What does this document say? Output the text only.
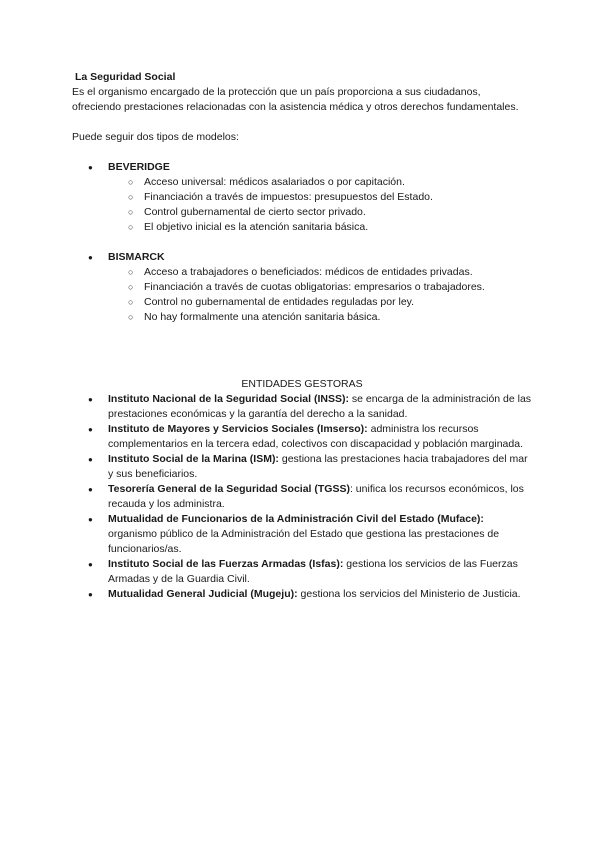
La Seguridad Social

Es el organismo encargado de la protección que un país proporciona a sus ciudadanos, ofreciendo prestaciones relacionadas con la asistencia médica y otros derechos fundamentales.

Puede seguir dos tipos de modelos:

● BEVERIDGE
○ Acceso universal: médicos asalariados o por capitación.
○ Financiación a través de impuestos: presupuestos del Estado.
○ Control gubernamental de cierto sector privado.
○ El objetivo inicial es la atención sanitaria básica.
● BISMARCK
○ Acceso a trabajadores o beneficiados: médicos de entidades privadas.
○ Financiación a través de cuotas obligatorias: empresarios o trabajadores.
○ Control no gubernamental de entidades reguladas por ley.
○ No hay formalmente una atención sanitaria básica.

ENTIDADES GESTORAS

● Instituto Nacional de la Seguridad Social (INSS): se encarga de la administración de las prestaciones económicas y la garantía del derecho a la sanidad.
● Instituto de Mayores y Servicios Sociales (Imserso): administra los recursos complementarios en la tercera edad, colectivos con discapacidad y población marginada.
● Instituto Social de la Marina (ISM): gestiona las prestaciones hacia trabajadores del mar y sus beneficiarios.
● Tesorería General de la Seguridad Social (TGSS): unifica los recursos económicos, los recauda y los administra.
● Mutualidad de Funcionarios de la Administración Civil del Estado (Muface): organismo público de la Administración del Estado que gestiona las prestaciones de funcionarios/as.
● Instituto Social de las Fuerzas Armadas (Isfas): gestiona los servicios de las Fuerzas Armadas y de la Guardia Civil.
● Mutualidad General Judicial (Mugeju): gestiona los servicios del Ministerio de Justicia.
